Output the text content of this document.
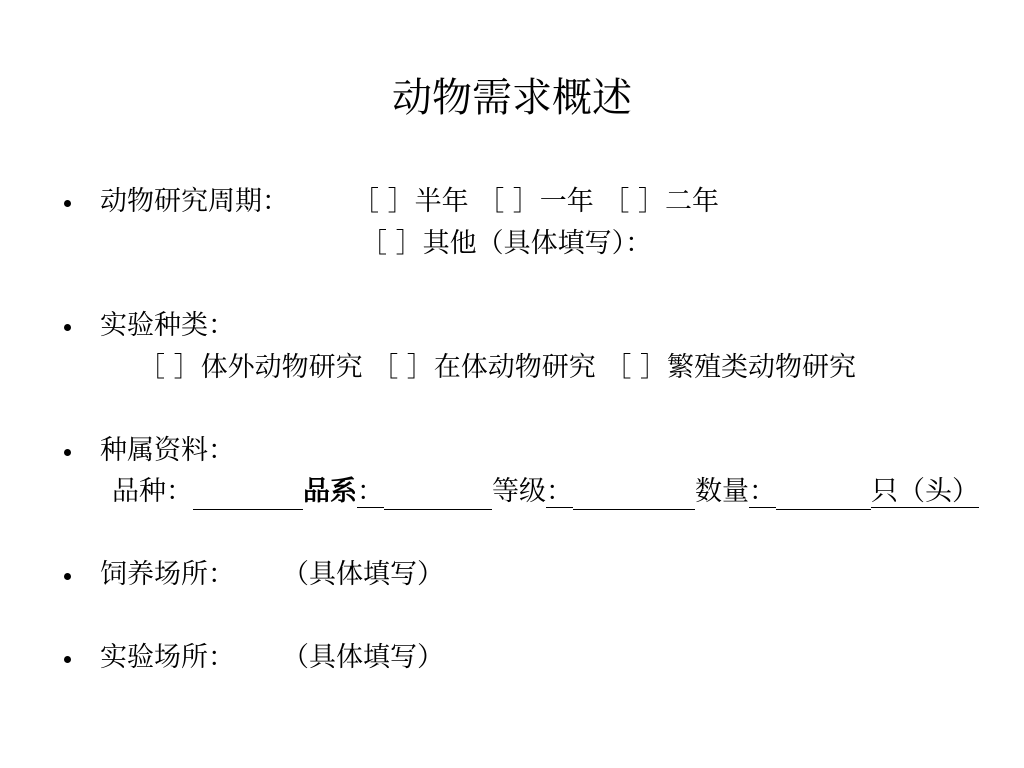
动物需求概述
动物研究周期： ［ ］半年 ［ ］一年 ［ ］二年
［ ］其他（具体填写）：
实验种类：
［ ］体外动物研究 ［ ］在体动物研究 ［ ］繁殖类动物研究
种属资料：
品种：	品系：	等级：	数量：	只（头）
饲养场所： （具体填写）
实验场所： （具体填写）
